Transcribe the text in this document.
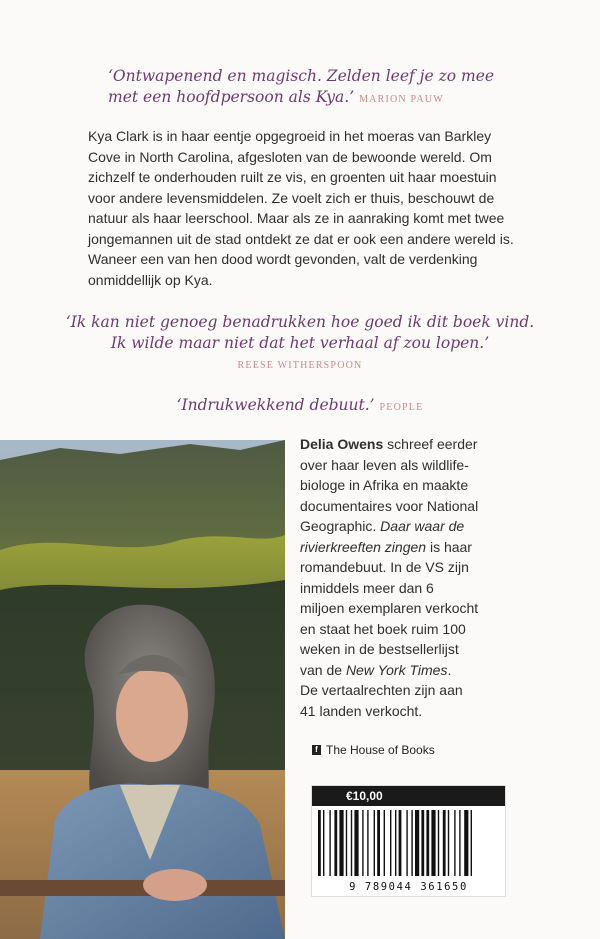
‘Ontwapenend en magisch. Zelden leef je zo mee met een hoofdpersoon als Kya.’ MARION PAUW

Kya Clark is in haar eentje opgegroeid in het moeras van Barkley Cove in North Carolina, afgesloten van de bewoonde wereld. Om zichzelf te onderhouden ruilt ze vis, en groenten uit haar moestuin voor andere levensmiddelen. Ze voelt zich er thuis, beschouwt de natuur als haar leerschool. Maar als ze in aanraking komt met twee jongemannen uit de stad ontdekt ze dat er ook een andere wereld is. Waneer een van hen dood wordt gevonden, valt de verdenking onmiddellijk op Kya.

‘Ik kan niet genoeg benadrukken hoe goed ik dit boek vind.
Ik wilde maar niet dat het verhaal af zou lopen.’
REESE WITHERSPOON
‘Indrukwekkend debuut.’ PEOPLE

Delia Owens schreef eerder over haar leven als wildlife-biologe in Afrika en maakte documentaires voor National Geographic. Daar waar de rivierkreeften zingen is haar romandebuut. In de VS zijn inmiddels meer dan 6 miljoen exemplaren verkocht en staat het boek ruim 100 weken in de bestsellerlijst van de New York Times.
De vertaalrechten zijn aan 41 landen verkocht.

f The House of Books
€10,00
9 789044 361650
